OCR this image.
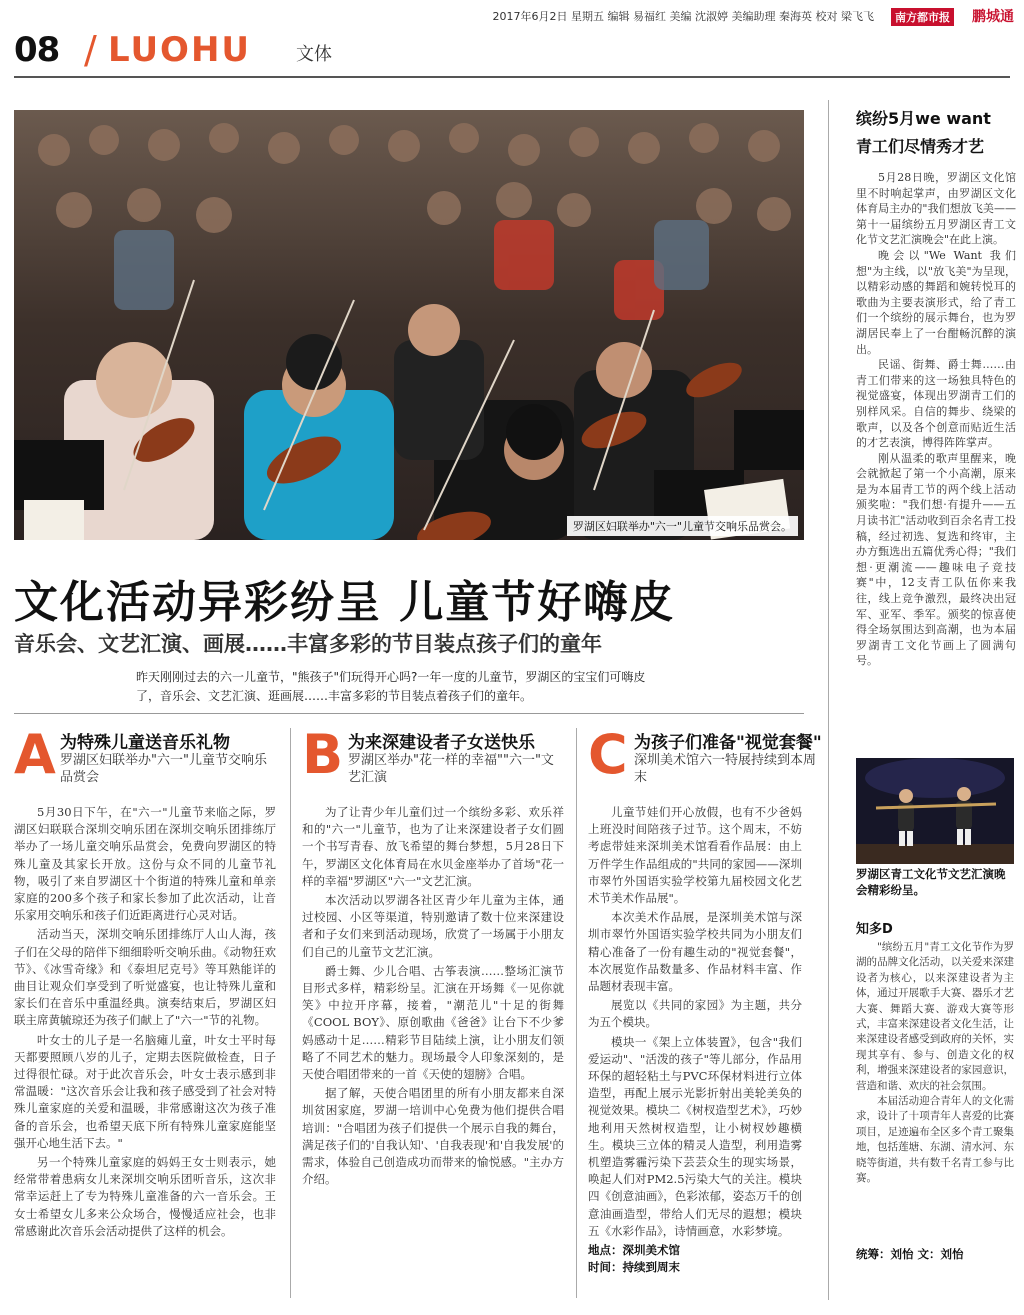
2017年6月2日 星期五 编辑 易福红 美编 沈淑婷 美编助理 秦海英 校对 梁飞飞	南方都市报 鹏城通
08 / LUOHU 文体
罗湖区妇联举办"六一"儿童节交响乐品赏会。
文化活动异彩纷呈 儿童节好嗨皮
音乐会、文艺汇演、画展……丰富多彩的节目装点孩子们的童年

昨天刚刚过去的六一儿童节，"熊孩子"们玩得开心吗?一年一度的儿童节，罗湖区的宝宝们可嗨皮了，音乐会、文艺汇演、逛画展……丰富多彩的节目装点着孩子们的童年。

A 为特殊儿童送音乐礼物
罗湖区妇联举办"六一"儿童节交响乐品赏会

5月30日下午，在"六一"儿童节来临之际，罗湖区妇联联合深圳交响乐团在深圳交响乐团排练厅举办了一场儿童交响乐品赏会，免费向罗湖区的特殊儿童及其家长开放。这份与众不同的儿童节礼物，吸引了来自罗湖区十个街道的特殊儿童和单亲家庭的200多个孩子和家长参加了此次活动，让音乐家用交响乐和孩子们近距离进行心灵对话。

活动当天，深圳交响乐团排练厅人山人海，孩子们在父母的陪伴下细细聆听交响乐曲。《动物狂欢节》、《冰雪奇缘》和《泰坦尼克号》等耳熟能详的曲目让观众们享受到了听觉盛宴，也让特殊儿童和家长们在音乐中重温经典。演奏结束后，罗湖区妇联主席黄毓琼还为孩子们献上了"六一"节的礼物。

叶女士的儿子是一名脑瘫儿童，叶女士平时每天都要照顾八岁的儿子，定期去医院做检查，日子过得很忙碌。对于此次音乐会，叶女士表示感到非常温暖："这次音乐会让我和孩子感受到了社会对特殊儿童家庭的关爱和温暖，非常感谢这次为孩子准备的音乐会，也希望天底下所有特殊儿童家庭能坚强开心地生活下去。"

另一个特殊儿童家庭的妈妈王女士则表示，她经常带着患病女儿来深圳交响乐团听音乐，这次非常幸运赶上了专为特殊儿童准备的六一音乐会。王女士希望女儿多来公众场合，慢慢适应社会，也非常感谢此次音乐会活动提供了这样的机会。

B 为来深建设者子女送快乐
罗湖区举办"花一样的幸福""六一"文艺汇演

为了让青少年儿童们过一个缤纷多彩、欢乐祥和的"六一"儿童节，也为了让来深建设者子女们圆一个书写青春、放飞希望的舞台梦想，5月28日下午，罗湖区文化体育局在水贝金座举办了首场"花一样的幸福"罗湖区"六一"文艺汇演。

本次活动以罗湖各社区青少年儿童为主体，通过校园、小区等渠道，特别邀请了数十位来深建设者和子女们来到活动现场，欣赏了一场属于小朋友们自己的儿童节文艺汇演。

爵士舞、少儿合唱、古筝表演……整场汇演节目形式多样，精彩纷呈。汇演在开场舞《一见你就笑》中拉开序幕，接着，"潮范儿"十足的街舞《COOL BOY》、原创歌曲《爸爸》让台下不少爹妈感动十足……精彩节目陆续上演，让小朋友们领略了不同艺术的魅力。现场最令人印象深刻的，是天使合唱团带来的一首《天使的翅膀》合唱。

据了解，天使合唱团里的所有小朋友都来自深圳贫困家庭，罗湖一培训中心免费为他们提供合唱培训："合唱团为孩子们提供一个展示自我的舞台，满足孩子们的'自我认知'、'自我表现'和'自我发展'的需求，体验自己创造成功而带来的愉悦感。"主办方介绍。

C 为孩子们准备"视觉套餐"
深圳美术馆六一特展持续到本周末

儿童节娃们开心放假，也有不少爸妈上班没时间陪孩子过节。这个周末，不妨考虑带娃来深圳美术馆看看作品展：由上万件学生作品组成的"共同的家园——深圳市翠竹外国语实验学校第九届校园文化艺术节美术作品展"。

本次美术作品展，是深圳美术馆与深圳市翠竹外国语实验学校共同为小朋友们精心准备了一份有趣生动的"视觉套餐"，本次展览作品数量多、作品材料丰富、作品题材表现丰富。

展览以《共同的家园》为主题，共分为五个模块。

模块一《架上立体装置》，包含"我们爱运动"、"活泼的孩子"等儿部分，作品用环保的超轻粘土与PVC环保材料进行立体造型，再配上展示光影折射出美轮美奂的视觉效果。模块二《树杈造型艺术》，巧妙地利用天然树杈造型，让小树杈妙趣横生。模块三立体的精灵人造型，利用造雾机塑造雾霾污染下芸芸众生的现实场景，唤起人们对PM2.5污染大气的关注。模块四《创意油画》，色彩浓郁，姿态万千的创意油画造型，带给人们无尽的遐想；模块五《水彩作品》，诗情画意，水彩梦境。

地点：深圳美术馆
时间：持续到周末
缤纷5月we want
青工们尽情秀才艺

5月28日晚，罗湖区文化馆里不时响起掌声，由罗湖区文化体育局主办的"我们想放飞美——第十一届缤纷五月罗湖区青工文化节文艺汇演晚会"在此上演。

晚会以"We Want 我们想"为主线，以"放飞美"为呈现，以精彩动感的舞蹈和婉转悦耳的歌曲为主要表演形式，给了青工们一个缤纷的展示舞台，也为罗湖居民奉上了一台酣畅沉醉的演出。

民谣、街舞、爵士舞……由青工们带来的这一场独具特色的视觉盛宴，体现出罗湖青工们的别样风采。自信的舞步、绕梁的歌声，以及各个创意而贴近生活的才艺表演，博得阵阵掌声。

刚从温柔的歌声里醒来，晚会就掀起了第一个小高潮，原来是为本届青工节的两个线上活动颁奖啦："我们想·有提升——五月读书汇"活动收到百余名青工投稿，经过初选、复选和终审，主办方甄选出五篇优秀心得；"我们想·更潮流——趣味电子竞技赛"中，12支青工队伍你来我往，线上竞争激烈，最终决出冠军、亚军、季军。颁奖的惊喜使得全场氛围达到高潮，也为本届罗湖青工文化节画上了圆满句号。

罗湖区青工文化节文艺汇演晚会精彩纷呈。
知多D

"缤纷五月"青工文化节作为罗湖的品牌文化活动，以关爱来深建设者为核心，以来深建设者为主体，通过开展歌手大赛、器乐才艺大赛、舞蹈大赛、游戏大赛等形式，丰富来深建设者文化生活，让来深建设者感受到政府的关怀，实现其享有、参与、创造文化的权利，增强来深建设者的家园意识，营造和谐、欢庆的社会氛围。

本届活动迎合青年人的文化需求，设计了十项青年人喜爱的比赛项目，足迹遍布全区多个青工聚集地，包括莲塘、东湖、清水河、东晓等街道，共有数千名青工参与比赛。

统筹：刘怡 文：刘怡
